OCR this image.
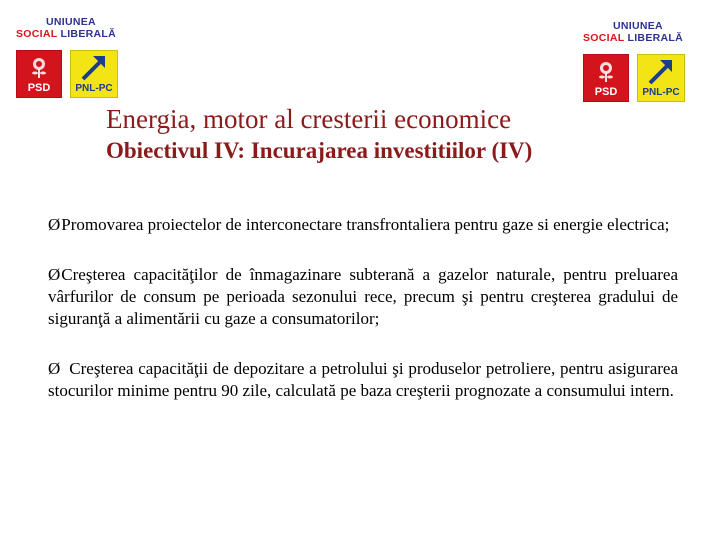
UNIUNEA
SOCIAL LIBERALĂ
PSD	PNL-PC
UNIUNEA
SOCIAL LIBERALĂ
PSD	PNL-PC
Energia, motor al cresterii economice
Obiectivul IV: Incurajarea investitiilor (IV)

ØPromovarea proiectelor de interconectare transfrontaliera pentru gaze si energie electrica;

ØCreşterea capacităţilor de înmagazinare subterană a gazelor naturale, pentru preluarea vârfurilor de consum pe perioada sezonului rece, precum şi pentru creşterea gradului de siguranţă a alimentării cu gaze a consumatorilor;

Ø Creşterea capacităţii de depozitare a petrolului şi produselor petroliere, pentru asigurarea stocurilor minime pentru 90 zile, calculată pe baza creşterii prognozate a consumului intern.
